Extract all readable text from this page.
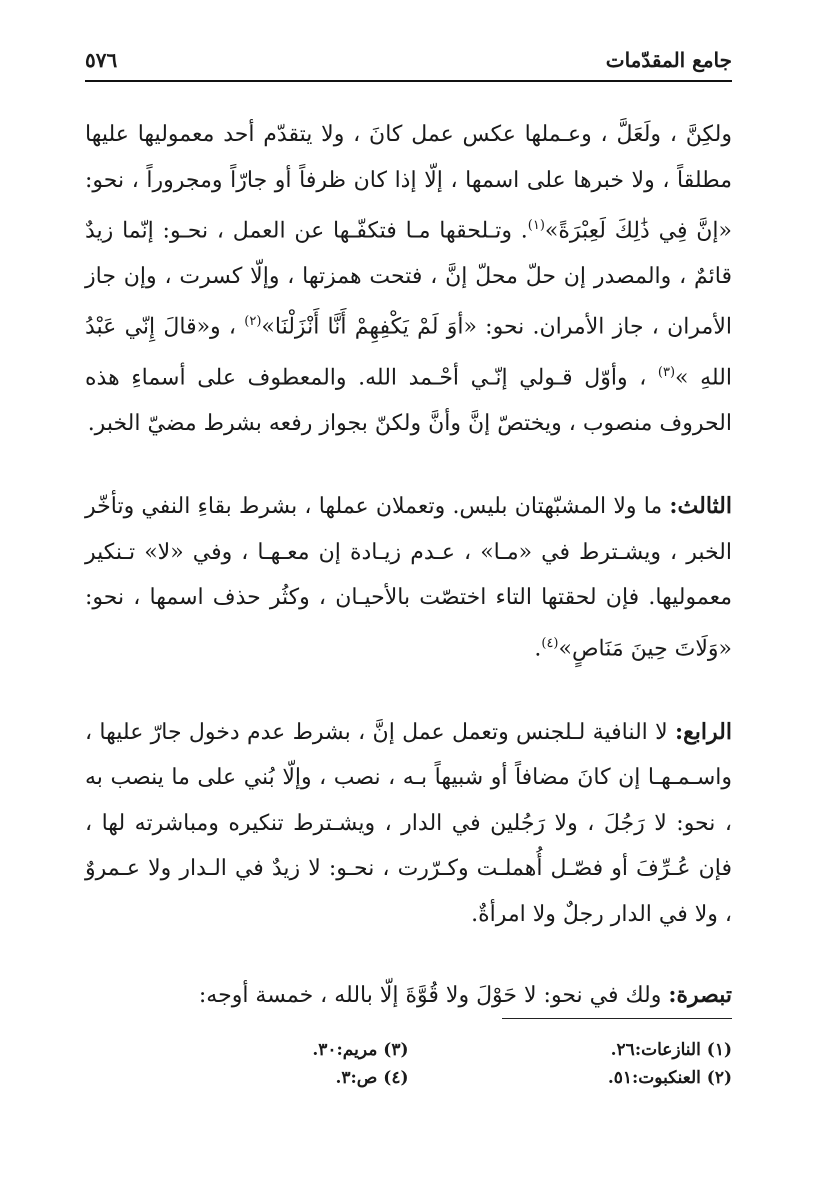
جامع المقدّمات
٥٧٦

ولكِنَّ ، ولَعَلَّ ، وعـملها عكس عمل كانَ ، ولا يتقدّم أحد معموليها عليها مطلقاً ، ولا خبرها على اسمها ، إلّا إذا كان ظرفاً أو جارّاً ومجروراً ، نحو: «إنَّ فِي ذَٰلِكَ لَعِبْرَةً»$^{(١)}$. وتـلحقها مـا فتكفّـها عن العمل ، نحـو: إنّما زيدٌ قائمٌ ، والمصدر إن حلّ محلّ إنَّ ، فتحت همزتها ، وإلّا كسرت ، وإن جاز الأمران ، جاز الأمران. نحو: «أوَ لَمْ يَكْفِهِمْ أَنَّا أَنْزَلْنَا»$^{(٢)}$ ، و«قالَ إِنّي عَبْدُ اللهِ »$^{(٣)}$ ، وأوّل قـولي إنّـي أحْـمد الله. والمعطوف على أسماءِ هذه الحروف منصوب ، ويختصّ إنَّ وأنَّ ولكنّ بجواز رفعه بشرط مضيّ الخبر.

الثالث: ما ولا المشبّهتان بليس. وتعملان عملها ، بشرط بقاءِ النفي وتأخّر الخبر ، ويشـترط في «مـا» ، عـدم زيـادة إن معـهـا ، وفي «لا» تـنكير معموليها. فإن لحقتها التاء اختصّت بالأحيـان ، وكثُر حذف اسمها ، نحو: «وَلَاتَ حِينَ مَنَاصٍ»$^{(٤)}$.

الرابع: لا النافية لـلجنس وتعمل عمل إنَّ ، بشرط عدم دخول جارّ عليها ، واسـمـهـا إن كانَ مضافاً أو شبيهاً بـه ، نصب ، وإلّا بُني على ما ينصب به ، نحو: لا رَجُلَ ، ولا رَجُلين في الدار ، ويشـترط تنكيره ومباشرته لها ، فإن عُـرِّفَ أو فصّـل أُهملـت وكـرّرت ، نحـو: لا زيدٌ في الـدار ولا عـمروٌ ، ولا في الدار رجلٌ ولا امرأةٌ.

تبصرة: ولك في نحو: لا حَوْلَ ولا قُوَّةَ إلّا بالله ، خمسة أوجه:

(١) النازعات:٢٦.
(٣) مريم:٣٠.
(٢) العنكبوت:٥١.
(٤) ص:٣.
